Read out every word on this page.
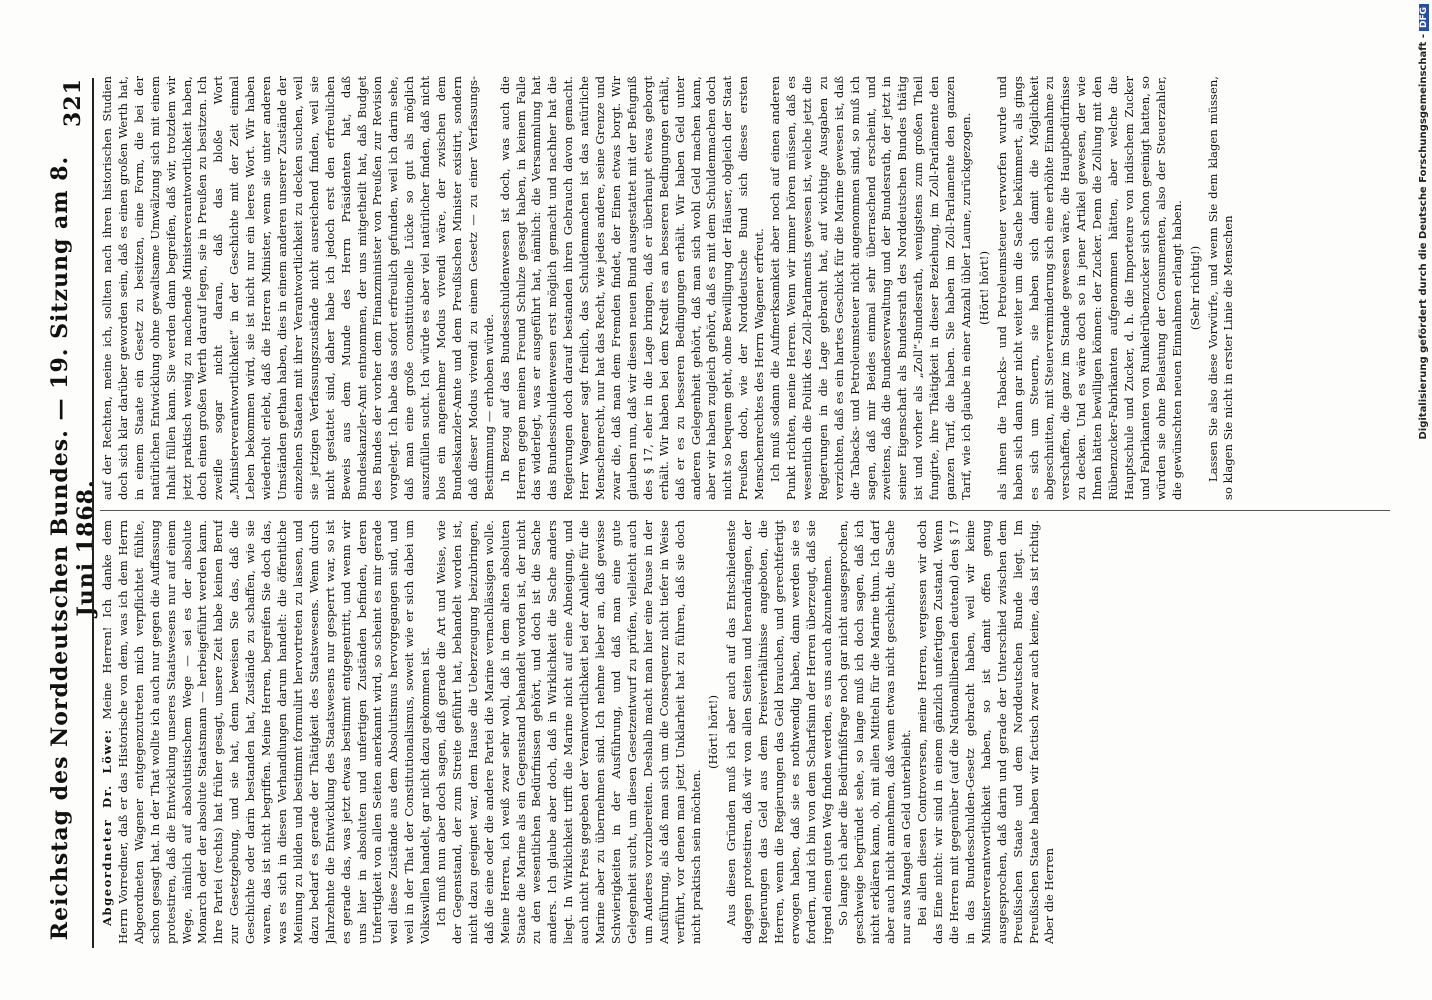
Reichstag des Norddeutschen Bundes. — 19. Sitzung am 8. Juni 1868.
321

Abgeordneter Dr. Löwe: Meine Herren! Ich danke dem Herrn Vorredner, daß er das Historische von dem, was ich dem Herrn Abgeordneten Wagener entgegenzutreten mich verpflichtet fühlte, schon gesagt hat. In der That wollte ich auch nur gegen die Auffassung protestiren, daß die Entwicklung unseres Staatswesens nur auf einem Wege, nämlich auf absolutistischem Wege — sei es der absolute Monarch oder der absolute Staatsmann — herbeigeführt werden kann. Ihre Partei (rechts) hat früher gesagt, unsere Zeit habe keinen Beruf zur Gesetzgebung, und sie hat, denn beweisen Sie das, daß die Geschichte oder darin bestanden hat, Zustände zu schaffen, wie sie waren, das ist nicht begriffen. Meine Herren, begreifen Sie doch das, was es sich in diesen Verhandlungen darum handelt: die öffentliche Meinung zu bilden und bestimmt formulirt hervortreten zu lassen, und dazu bedarf es gerade der Thätigkeit des Staatswesens. Wenn durch Jahrzehnte die Entwicklung des Staatswesens nur gesperrt war, so ist es gerade das, was jetzt etwas bestimmt entgegentritt, und wenn wir uns hier in absoluten und unfertigen Zuständen befinden, deren Unfertigkeit von allen Seiten anerkannt wird, so scheint es mir gerade weil diese Zustände aus dem Absolutismus hervorgegangen sind, und weil in der That der Constitutionalismus, soweit wie er sich dabei um Volkswillen handelt, gar nicht dazu gekommen ist. Ich muß nun aber doch sagen, daß gerade die Art und Weise, wie der Gegenstand, der zum Streite geführt hat, behandelt worden ist, nicht dazu geeignet war, dem Hause die Ueberzeugung beizubringen, daß die eine oder die andere Partei die Marine vernachlässigen wolle. Meine Herren, ich weiß zwar sehr wohl, daß in dem alten absoluten Staate die Marine als ein Gegenstand behandelt worden ist, der nicht zu den wesentlichen Bedürfnissen gehört, und doch ist die Sache anders. Ich glaube aber doch, daß in Wirklichkeit die Sache anders liegt. In Wirklichkeit trifft die Marine nicht auf eine Abneigung, und auch nicht Preis gegeben der Verantwortlichkeit bei der Anleihe für die Marine aber zu übernehmen sind. Ich nehme lieber an, daß gewisse Schwierigkeiten in der Ausführung, und daß man eine gute Gelegenheit sucht, um diesen Gesetzentwurf zu prüfen, vielleicht auch um Anderes vorzubereiten. Deshalb macht man hier eine Pause in der Ausführung, als daß man sich um die Consequenz nicht tiefer in Weise verführt, vor denen man jetzt Unklarheit hat zu führen, daß sie doch nicht praktisch sein möchten.

(Hört! hört!) Aus diesen Gründen muß ich aber auch auf das Entschiedenste dagegen protestiren, daß wir von allen Seiten und herandrängen, der Regierungen das Geld aus dem Preisverhältnisse angeboten, die Herren, wenn die Regierungen das Geld brauchen, und gerechtfertigt erwogen haben, daß sie es nothwendig haben, dann werden sie es fordern, und ich bin von dem Scharfsinn der Herren überzeugt, daß sie irgend einen guten Weg finden werden, es uns auch abzunehmen. So lange ich aber die Bedürfnißfrage noch gar nicht ausgesprochen, geschweige begründet sehe, so lange muß ich doch sagen, daß ich nicht erklären kann, ob, mit allen Mitteln für die Marine thun. Ich darf aber auch nicht annehmen, daß wenn etwas nicht geschieht, die Sache nur aus Mangel an Geld unterbleibt. Bei allen diesen Controversen, meine Herren, vergessen wir doch das Eine nicht: wir sind in einem gänzlich unfertigen Zustand. Wenn die Herren mit gegenüber (auf die Nationalliberalen deutend) den § 17 in das Bundesschulden-Gesetz gebracht haben, weil wir keine Ministerverantwortlichkeit haben, so ist damit offen genug ausgesprochen, daß darin und gerade der Unterschied zwischen dem Preußischen Staate und dem Norddeutschen Bunde liegt. Im Preußischen Staate haben wir factisch zwar auch keine, das ist richtig. Aber die Herren

auf der Rechten, meine ich, sollten nach ihren historischen Studien doch sich klar darüber geworden sein, daß es einen großen Werth hat, in einem Staate ein Gesetz zu besitzen, eine Form, die bei der natürlichen Entwicklung ohne gewaltsame Umwälzung sich mit einem Inhalt füllen kann. Sie werden dann begreifen, daß wir, trotzdem wir jetzt praktisch wenig zu machende Ministerverantwortlichkeit haben, doch einen großen Werth darauf legen, sie in Preußen zu besitzen. Ich zweifle sogar nicht daran, daß das bloße Wort „Ministerverantwortlichkeit“ in der Geschichte mit der Zeit einmal Leben bekommen wird, sie ist nicht nur ein leeres Wort. Wir haben wiederholt erlebt, daß die Herren Minister, wenn sie unter anderen Umständen gethan haben, dies in einem anderen unserer Zustände der einzelnen Staaten mit ihrer Verantwortlichkeit zu decken suchen, weil sie jetzigen Verfassungszustände nicht ausreichend finden, weil sie nicht gestattet sind, daher habe ich jedoch erst den erfreulichen Beweis aus dem Munde des Herrn Präsidenten hat, daß Bundeskanzler-Amt entnommen, der uns mitgetheilt hat, daß Budget des Bundes der vorher dem Finanzminister von Preußen zur Revision vorgelegt. Ich habe das sofort erfreulich gefunden, weil ich darin sehe, daß man eine große constitutionelle Lücke so gut als möglich auszufüllen sucht. Ich würde es aber viel natürlicher finden, daß nicht blos ein angenehmer Modus vivendi wäre, der zwischen dem Bundeskanzler-Amte und dem Preußischen Minister existirt, sondern daß dieser Modus vivendi zu einem Gesetz — zu einer Verfassungs-Bestimmung — erhoben würde. In Bezug auf das Bundesschuldenwesen ist doch, was auch die Herren gegen meinen Freund Schulze gesagt haben, in keinem Falle das widerlegt, was er ausgeführt hat, nämlich: die Versammlung hat das Bundesschuldenwesen erst möglich gemacht und nachher hat die Regierungen doch darauf bestanden ihren Gebrauch davon gemacht. Herr Wagener sagt freilich, das Schuldenmachen ist das natürliche Menschenrecht, nur hat das Recht, wie jedes andere, seine Grenze und zwar die, daß man dem Fremden findet, der Einen etwas borgt. Wir glauben nun, daß wir diesen neuen Bund ausgestattet mit der Befugniß des § 17, eher in die Lage bringen, daß er überhaupt etwas geborgt erhält. Wir haben bei dem Kredit es an besseren Bedingungen erhält, daß er es zu besseren Bedingungen erhält. Wir haben Geld unter anderen Gelegenheit gehört, daß man sich wohl Geld machen kann, aber wir haben zugleich gehört, daß es mit dem Schuldenmachen doch nicht so bequem geht, ohne Bewilligung der Häuser, obgleich der Staat Preußen doch, wie der Norddeutsche Bund sich dieses ersten Menschenrechtes des Herrn Wagener erfreut. Ich muß sodann die Aufmerksamkeit aber noch auf einen anderen Punkt richten, meine Herren. Wenn wir immer hören müssen, daß es wesentlich die Politik des Zoll-Parlaments gewesen ist, welche jetzt die Regierungen in die Lage gebracht hat, auf wichtige Ausgaben zu verzichten, daß es ein hartes Geschick für die Marine gewesen ist, daß die Tabacks- und Petroleumsteuer nicht angenommen sind, so muß ich sagen, daß mir Beides einmal sehr überraschend erscheint, und zweitens, daß die Bundesverwaltung und der Bundesrath, der jetzt in seiner Eigenschaft als Bundesrath des Norddeutschen Bundes thätig ist und vorher als „Zoll“-Bundesrath, wenigstens zum großen Theil fungirte, ihre Thätigkeit in dieser Beziehung, im Zoll-Parlamente den ganzen Tarif, die haben. Sie haben im Zoll-Parlamente den ganzen Tarif, wie ich glaube in einer Anzahl übler Laune, zurückgezogen. (Hört! hört!) als ihnen die Tabacks- und Petroleumsteuer verworfen wurde und haben sich dann gar nicht weiter um die Sache bekümmert, als gings es sich um Steuern, sie haben sich damit die Möglichkeit abgeschnitten, mit Steuerverminderung sich eine erhöhte Einnahme zu verschaffen, die ganz im Stande gewesen wäre, die Hauptbedürfnisse zu decken. Und es wäre doch so in jener Artikel gewesen, der wie Ihnen hätten bewilligen können: der Zucker. Denn die Zollung mit den Rübenzucker-Fabrikanten aufgenommen hätten, aber welche die Hauptschule und Zucker, d. h. die Importeure von indischem Zucker und Fabrikanten von Runkelrübenzucker sich schon geeinigt hatten, so würden sie ohne Belastung der Consumenten, also der Steuerzahler, die gewünschten neuen Einnahmen erlangt haben. (Sehr richtig!) Lassen Sie also diese Vorwürfe, und wenn Sie dem klagen müssen, so klagen Sie nicht in erster Linie die Menschen	Digitalisierung gefördert durch die Deutsche Forschungsgemeinschaft -DFG
